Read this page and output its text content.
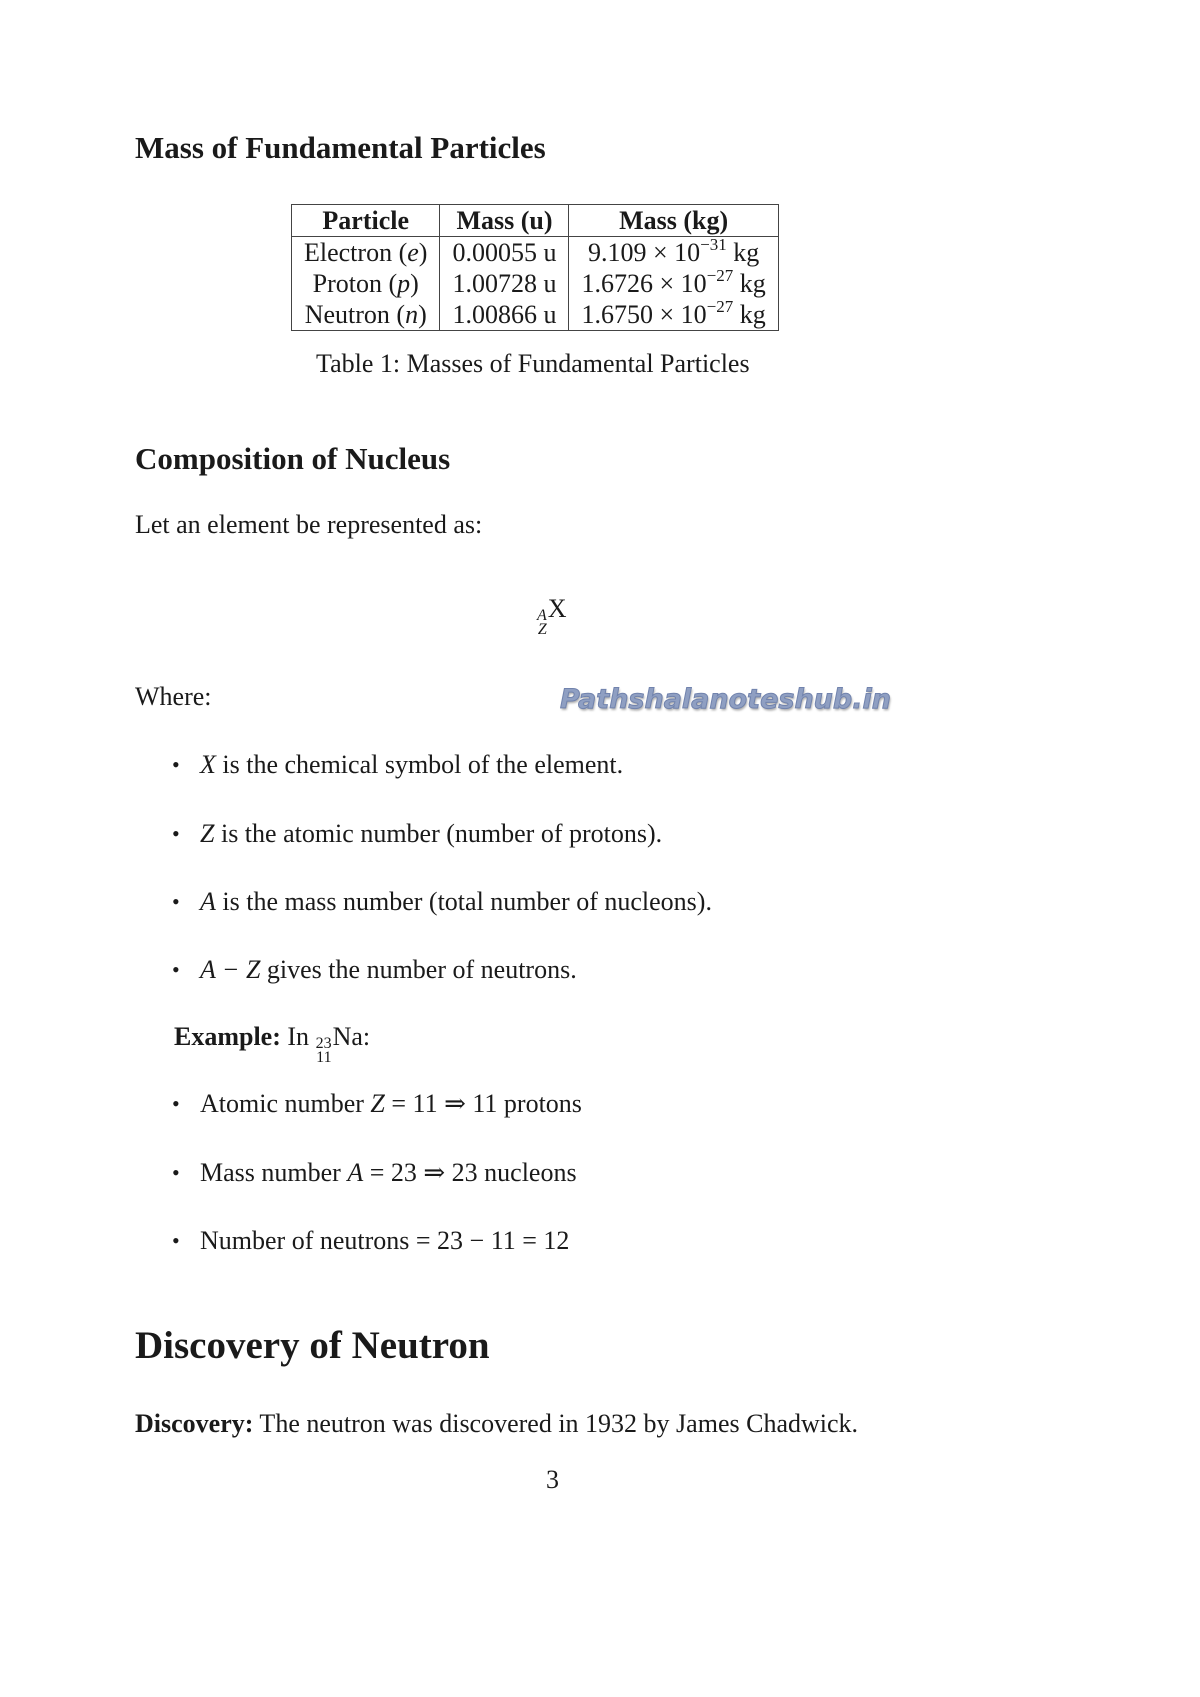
Mass of Fundamental Particles
Particle	Mass (u)	Mass (kg)
Electron (e)	0.00055 u	$9.109 \times 10^{-31}$ kg
Proton (p)	1.00728 u	$1.6726 \times 10^{-27}$ kg
Neutron (n)	1.00866 u	$1.6750 \times 10^{-27}$ kg
Table 1: Masses of Fundamental Particles
Composition of Nucleus
Let an element be represented as:
A
Z
X
Where:
• X is the chemical symbol of the element.
• Z is the atomic number (number of protons).
• A is the mass number (total number of nucleons).
• A − Z gives the number of neutrons.
Example: In 23
11
Na:
• Atomic number Z = 11 ⇒ 11 protons
• Mass number A = 23 ⇒ 23 nucleons
• Number of neutrons = 23 − 11 = 12
Discovery of Neutron
Discovery: The neutron was discovered in 1932 by James Chadwick.
3
Pathshalanoteshub.in
